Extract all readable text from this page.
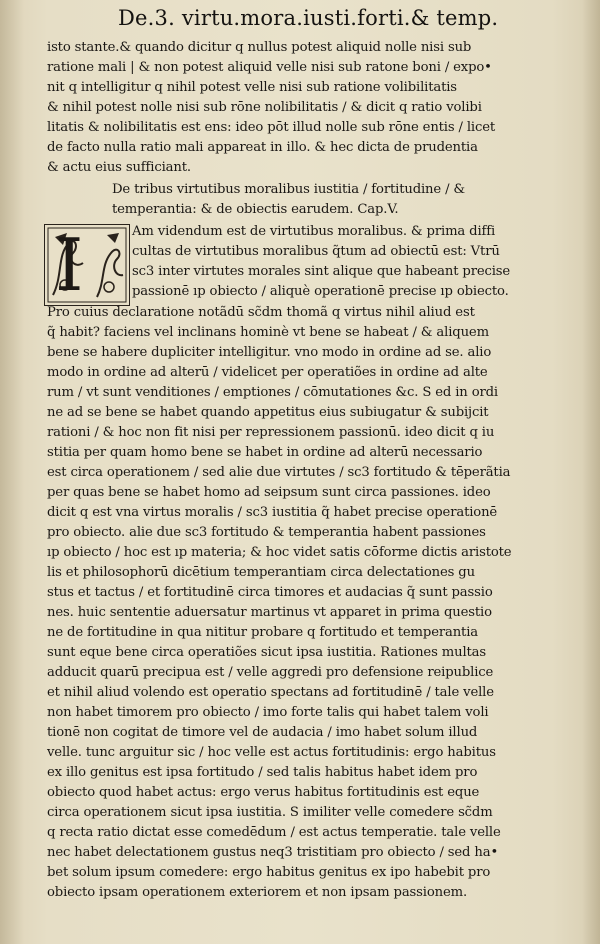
De.3. virtu.mora.iusti.forti.& temp.
I
isto stante.& quando dicitur q nullus potest aliquid nolle nisi sub
ratione mali | & non potest aliquid velle nisi sub ratone boni / expo•
nit q intelligitur q nihil potest velle nisi sub ratione volibilitatis
& nihil potest nolle nisi sub rōne nolibilitatis / & dicit q ratio volibi
litatis & nolibilitatis est ens: ideo pōt illud nolle sub rōne entis / licet
de facto nulla ratio mali appareat in illo. & hec dicta de prudentia
& actu eius sufficiant.
De tribus virtutibus moralibus iustitia / fortitudine / &
temperantia: & de obiectis earudem. Cap.V.
Am videndum est de virtutibus moralibus. & prima diffi
cultas de virtutibus moralibus q̃tum ad obiectū est: Vtrū
sc3 inter virtutes morales sint alique que habeant precise
passionē ıp obiecto / aliquè operationē precise ıp obiecto.
Pro cuius declaratione notãdū sc̃dm thomã q virtus nihil aliud est
q̃ habit? faciens vel inclinans hominè vt bene se habeat / & aliquem
bene se habere dupliciter intelligitur. vno modo in ordine ad se. alio
modo in ordine ad alterū / videlicet per operatiões in ordine ad alte
rum / vt sunt venditiones / emptiones / cōmutationes &c. S ed in ordi
ne ad se bene se habet quando appetitus eius subiugatur & subijcit
rationi / & hoc non fit nisi per repressionem passionū. ideo dicit q iu
stitia per quam homo bene se habet in ordine ad alterū necessario
est circa operationem / sed alie due virtutes / sc3 fortitudo & tēperãtia
per quas bene se habet homo ad seipsum sunt circa passiones. ideo
dicit q est vna virtus moralis / sc3 iustitia q̃ habet precise operationē
pro obiecto. alie due sc3 fortitudo & temperantia habent passiones
ıp obiecto / hoc est ıp materia; & hoc videt satis cōforme dictis aristote
lis et philosophorū dicētium temperantiam circa delectationes gu
stus et tactus / et fortitudinē circa timores et audacias q̃ sunt passio
nes. huic sententie aduersatur martinus vt apparet in prima questio
ne de fortitudine in qua nititur probare q fortitudo et temperantia
sunt eque bene circa operatiões sicut ipsa iustitia. Rationes multas
adducit quarū precipua est / velle aggredi pro defensione reipublice
et nihil aliud volendo est operatio spectans ad fortitudinē / tale velle
non habet timorem pro obiecto / imo forte talis qui habet talem voli
tionē non cogitat de timore vel de audacia / imo habet solum illud
velle. tunc arguitur sic / hoc velle est actus fortitudinis: ergo habitus
ex illo genitus est ipsa fortitudo / sed talis habitus habet idem pro
obiecto quod habet actus: ergo verus habitus fortitudinis est eque
circa operationem sicut ipsa iustitia. S imiliter velle comedere sc̃dm
q recta ratio dictat esse comedēdum / est actus temperatie. tale velle
nec habet delectationem gustus neq3 tristitiam pro obiecto / sed ha•
bet solum ipsum comedere: ergo habitus genitus ex ipo habebit pro
obiecto ipsam operationem exteriorem et non ipsam passionem.
